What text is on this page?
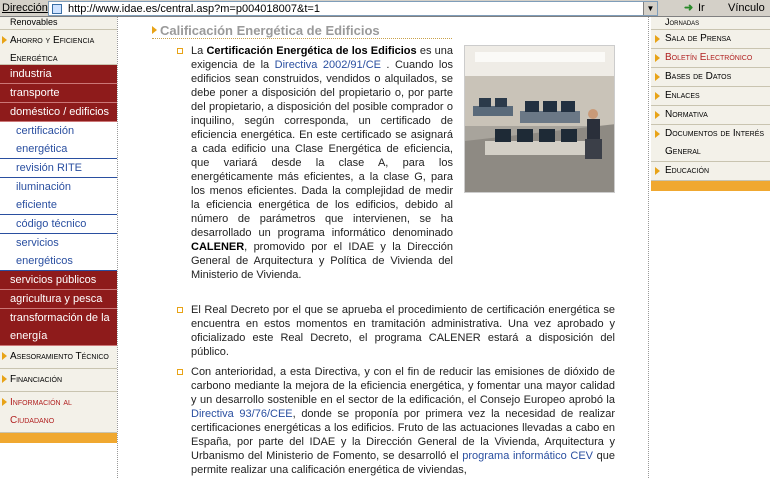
Dirección http://www.idae.es/central.asp?m=p004018007&t=1	▼	➜ Ir Vínculo
Renovables
Ahorro y Eficiencia Energética
industria
transporte
doméstico / edificios
certificación energética
revisión RITE
iluminación eficiente
código técnico
servicios energéticos
servicios públicos
agricultura y pesca
transformación de la energía
Asesoramiento Técnico
Financiación
Información al Ciudadano
Calificación Energética de Edificios
La Certificación Energética de los Edificios es una exigencia de la Directiva 2002/91/CE . Cuando los edificios sean construidos, vendidos o alquilados, se debe poner a disposición del propietario o, por parte del propietario, a disposición del posible comprador o inquilino, según corresponda, un certificado de eficiencia energética. En este certificado se asignará a cada edificio una Clase Energética de eficiencia, que variará desde la clase A, para los energéticamente más eficientes, a la clase G, para los menos eficientes. Dada la complejidad de medir la eficiencia energética de los edificios, debido al número de parámetros que intervienen, se ha desarrollado un programa informático denominado CALENER, promovido por el IDAE y la Dirección General de Arquitectura y Política de Vivienda del Ministerio de Vivienda.
El Real Decreto por el que se aprueba el procedimiento de certificación energética se encuentra en estos momentos en tramitación administrativa. Una vez aprobado y oficializado este Real Decreto, el programa CALENER estará a disposición del público.
Con anterioridad, a esta Directiva, y con el fin de reducir las emisiones de dióxido de carbono mediante la mejora de la eficiencia energética, y fomentar una mayor calidad y un desarrollo sostenible en el sector de la edificación, el Consejo Europeo aprobó la Directiva 93/76/CEE, donde se proponía por primera vez la necesidad de realizar certificaciones energéticas a los edificios. Fruto de las actuaciones llevadas a cabo en España, por parte del IDAE y la Dirección General de la Vivienda, Arquitectura y Urbanismo del Ministerio de Fomento, se desarrolló el programa informático CEV que permite realizar una calificación energética de viviendas,
Jornadas
Sala de Prensa
Boletín Electrónico
Bases de Datos
Enlaces
Normativa
Documentos de Interés General
Educación
